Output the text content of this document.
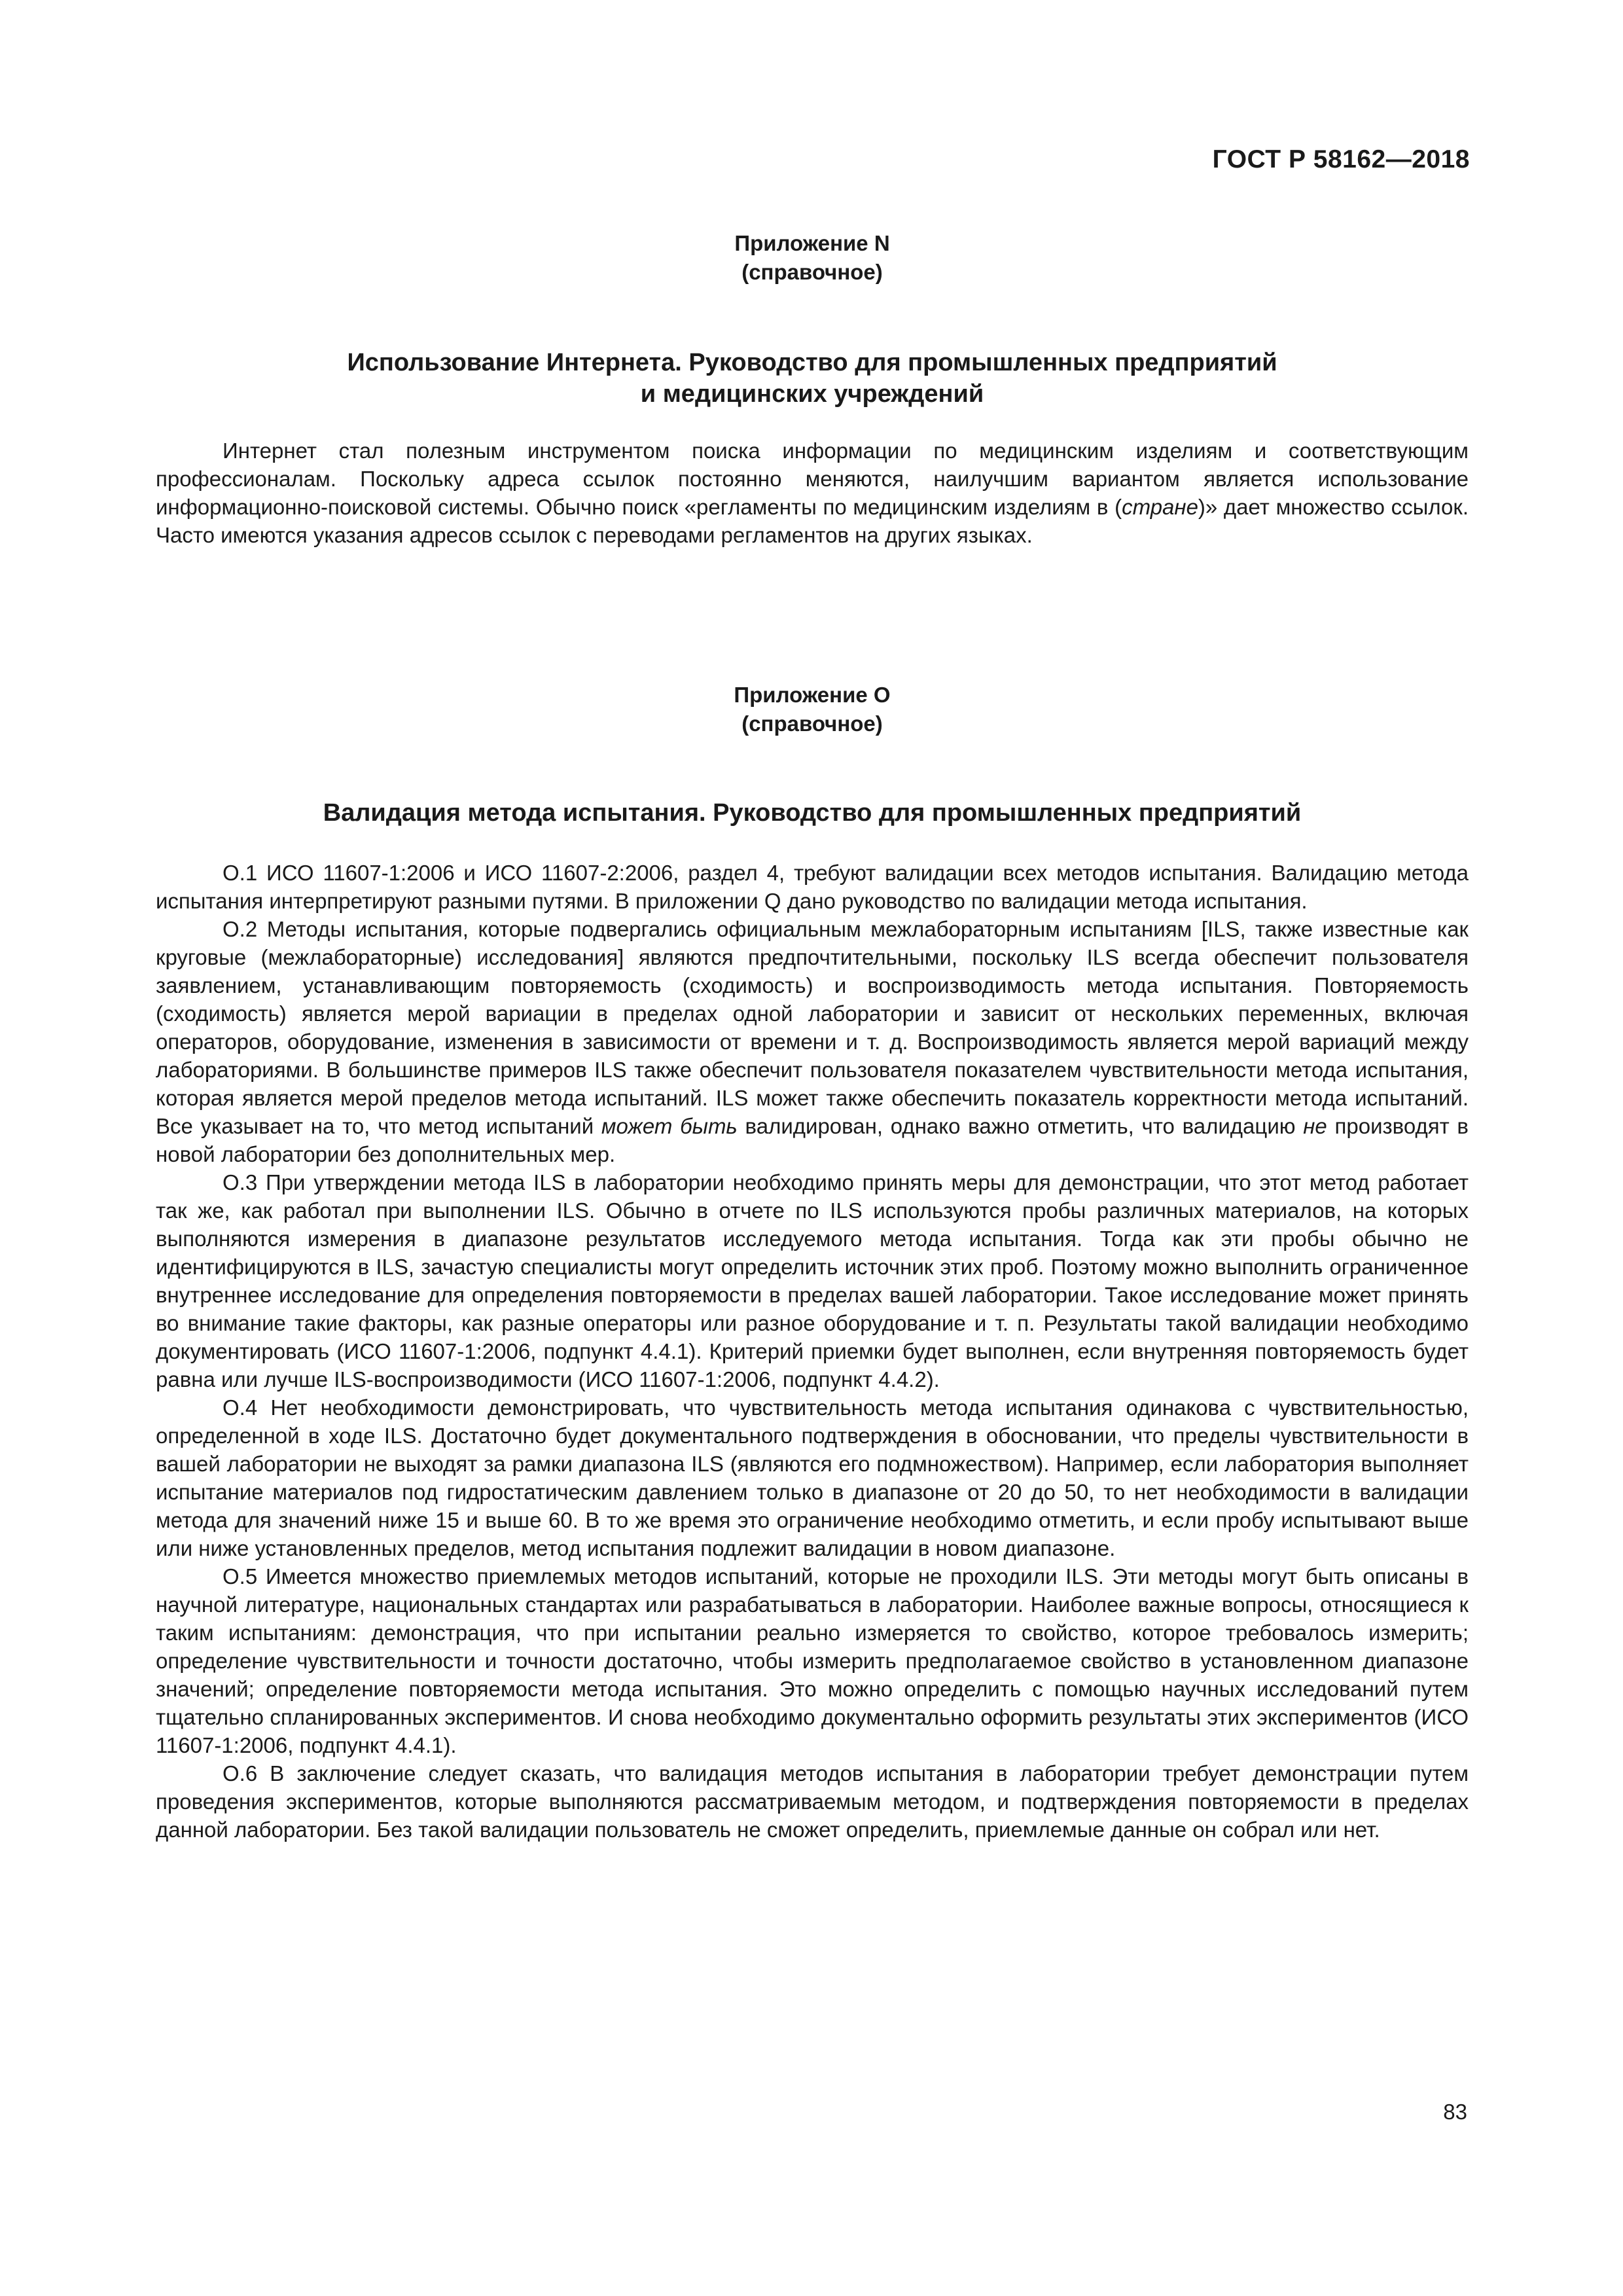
ГОСТ Р 58162—2018
Приложение N
(справочное)
Использование Интернета. Руководство для промышленных предприятий
и медицинских учреждений

Интернет стал полезным инструментом поиска информации по медицинским изделиям и соответствующим профессионалам. Поскольку адреса ссылок постоянно меняются, наилучшим вариантом является использование информационно-поисковой системы. Обычно поиск «регламенты по медицинским изделиям в (стране)» дает множество ссылок. Часто имеются указания адресов ссылок с переводами регламентов на других языках.

Приложение О
(справочное)
Валидация метода испытания. Руководство для промышленных предприятий

О.1 ИСО 11607-1:2006 и ИСО 11607-2:2006, раздел 4, требуют валидации всех методов испытания. Валидацию метода испытания интерпретируют разными путями. В приложении Q дано руководство по валидации метода испытания.

О.2 Методы испытания, которые подвергались официальным межлабораторным испытаниям [ILS, также известные как круговые (межлабораторные) исследования] являются предпочтительными, поскольку ILS всегда обеспечит пользователя заявлением, устанавливающим повторяемость (сходимость) и воспроизводимость метода испытания. Повторяемость (сходимость) является мерой вариации в пределах одной лаборатории и зависит от нескольких переменных, включая операторов, оборудование, изменения в зависимости от времени и т. д. Воспроизводимость является мерой вариаций между лабораториями. В большинстве примеров ILS также обеспечит пользователя показателем чувствительности метода испытания, которая является мерой пределов метода испытаний. ILS может также обеспечить показатель корректности метода испытаний. Все указывает на то, что метод испытаний может быть валидирован, однако важно отметить, что валидацию не производят в новой лаборатории без дополнительных мер.

О.3 При утверждении метода ILS в лаборатории необходимо принять меры для демонстрации, что этот метод работает так же, как работал при выполнении ILS. Обычно в отчете по ILS используются пробы различных материалов, на которых выполняются измерения в диапазоне результатов исследуемого метода испытания. Тогда как эти пробы обычно не идентифицируются в ILS, зачастую специалисты могут определить источник этих проб. Поэтому можно выполнить ограниченное внутреннее исследование для определения повторяемости в пределах вашей лаборатории. Такое исследование может принять во внимание такие факторы, как разные операторы или разное оборудование и т. п. Результаты такой валидации необходимо документировать (ИСО 11607-1:2006, подпункт 4.4.1). Критерий приемки будет выполнен, если внутренняя повторяемость будет равна или лучше ILS-воспроизводимости (ИСО 11607-1:2006, подпункт 4.4.2).

О.4 Нет необходимости демонстрировать, что чувствительность метода испытания одинакова с чувствительностью, определенной в ходе ILS. Достаточно будет документального подтверждения в обосновании, что пределы чувствительности в вашей лаборатории не выходят за рамки диапазона ILS (являются его подмножеством). Например, если лаборатория выполняет испытание материалов под гидростатическим давлением только в диапазоне от 20 до 50, то нет необходимости в валидации метода для значений ниже 15 и выше 60. В то же время это ограничение необходимо отметить, и если пробу испытывают выше или ниже установленных пределов, метод испытания подлежит валидации в новом диапазоне.

О.5 Имеется множество приемлемых методов испытаний, которые не проходили ILS. Эти методы могут быть описаны в научной литературе, национальных стандартах или разрабатываться в лаборатории. Наиболее важные вопросы, относящиеся к таким испытаниям: демонстрация, что при испытании реально измеряется то свойство, которое требовалось измерить; определение чувствительности и точности достаточно, чтобы измерить предполагаемое свойство в установленном диапазоне значений; определение повторяемости метода испытания. Это можно определить с помощью научных исследований путем тщательно спланированных экспериментов. И снова необходимо документально оформить результаты этих экспериментов (ИСО 11607-1:2006, подпункт 4.4.1).

О.6 В заключение следует сказать, что валидация методов испытания в лаборатории требует демонстрации путем проведения экспериментов, которые выполняются рассматриваемым методом, и подтверждения повторяемости в пределах данной лаборатории. Без такой валидации пользователь не сможет определить, приемлемые данные он собрал или нет.

83
